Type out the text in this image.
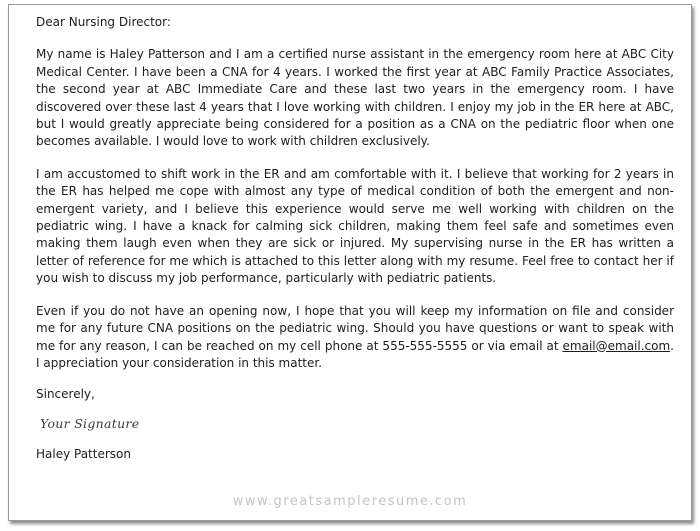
Dear Nursing Director:

My name is Haley Patterson and I am a certified nurse assistant in the emergency room here at ABC City Medical Center. I have been a CNA for 4 years. I worked the first year at ABC Family Practice Associates, the second year at ABC Immediate Care and these last two years in the emergency room. I have discovered over these last 4 years that I love working with children. I enjoy my job in the ER here at ABC, but I would greatly appreciate being considered for a position as a CNA on the pediatric floor when one becomes available. I would love to work with children exclusively.

I am accustomed to shift work in the ER and am comfortable with it. I believe that working for 2 years in the ER has helped me cope with almost any type of medical condition of both the emergent and non-emergent variety, and I believe this experience would serve me well working with children on the pediatric wing. I have a knack for calming sick children, making them feel safe and sometimes even making them laugh even when they are sick or injured. My supervising nurse in the ER has written a letter of reference for me which is attached to this letter along with my resume. Feel free to contact her if you wish to discuss my job performance, particularly with pediatric patients.

Even if you do not have an opening now, I hope that you will keep my information on file and consider me for any future CNA positions on the pediatric wing. Should you have questions or want to speak with me for any reason, I can be reached on my cell phone at 555-555-5555 or via email at email@email.com. I appreciation your consideration in this matter.

Sincerely,

Your Signature

Haley Patterson

www.greatsampleresume.com
